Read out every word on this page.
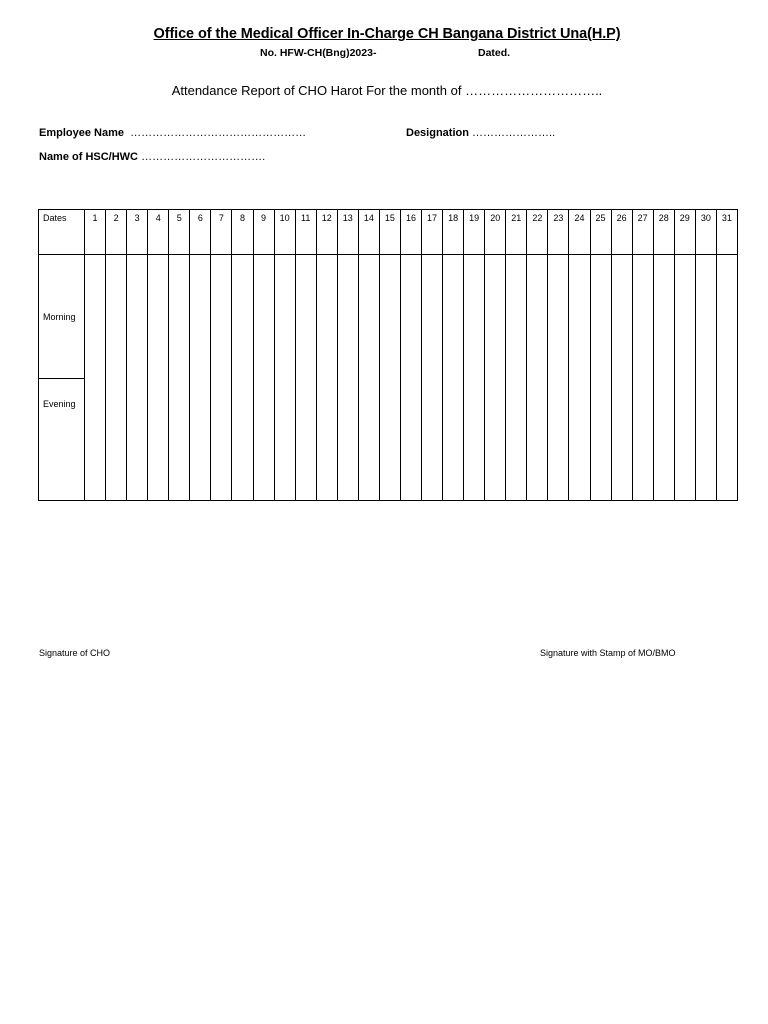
Office of the Medical Officer In-Charge CH Bangana District Una(H.P)
No. HFW-CH(Bng)2023-	Dated.
Attendance Report of CHO Harot For the month of …………………………..
Employee Name …………………………………………	Designation …………………..
Name of HSC/HWC …………………………….
Dates	1	2	3	4	5	6	7	8	9	10	11	12	13	14	15	16	17	18	19	20	21	22	23	24	25	26	27	28	29	30	31
Morning																															
Evening																															
Signature of CHO	Signature with Stamp of MO/BMO
